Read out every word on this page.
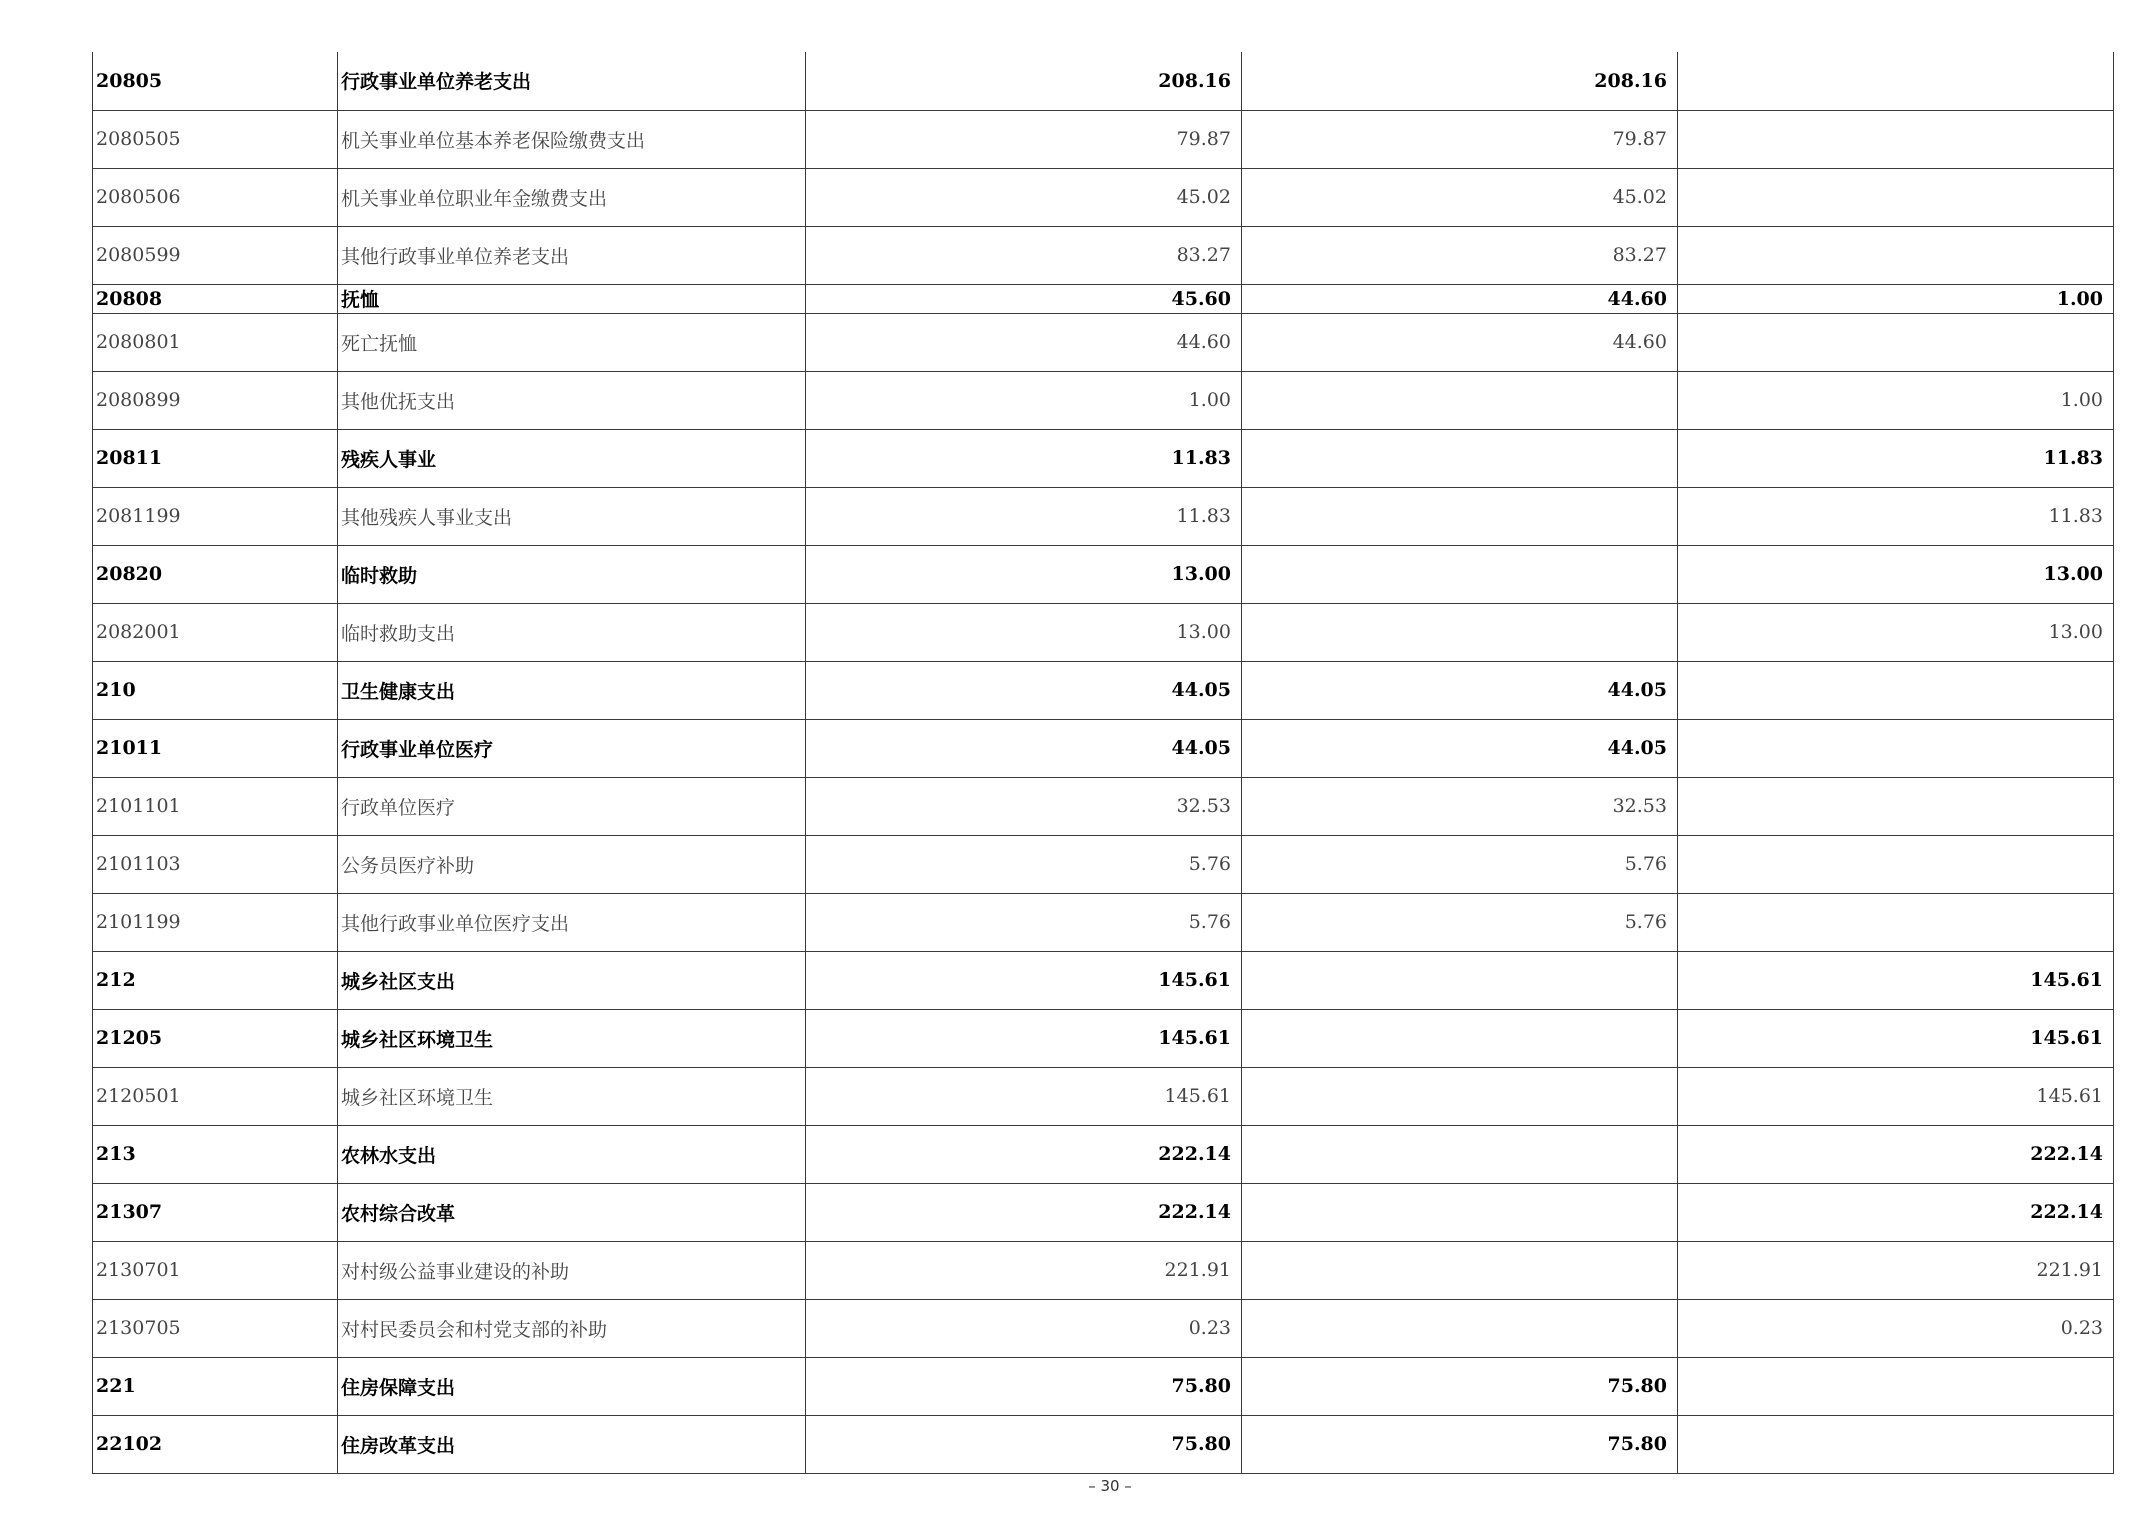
20805	行政事业单位养老支出	208.16	208.16	
2080505	机关事业单位基本养老保险缴费支出	79.87	79.87	
2080506	机关事业单位职业年金缴费支出	45.02	45.02	
2080599	其他行政事业单位养老支出	83.27	83.27	
20808	抚恤	45.60	44.60	1.00
2080801	死亡抚恤	44.60	44.60	
2080899	其他优抚支出	1.00		1.00
20811	残疾人事业	11.83		11.83
2081199	其他残疾人事业支出	11.83		11.83
20820	临时救助	13.00		13.00
2082001	临时救助支出	13.00		13.00
210	卫生健康支出	44.05	44.05	
21011	行政事业单位医疗	44.05	44.05	
2101101	行政单位医疗	32.53	32.53	
2101103	公务员医疗补助	5.76	5.76	
2101199	其他行政事业单位医疗支出	5.76	5.76	
212	城乡社区支出	145.61		145.61
21205	城乡社区环境卫生	145.61		145.61
2120501	城乡社区环境卫生	145.61		145.61
213	农林水支出	222.14		222.14
21307	农村综合改革	222.14		222.14
2130701	对村级公益事业建设的补助	221.91		221.91
2130705	对村民委员会和村党支部的补助	0.23		0.23
221	住房保障支出	75.80	75.80	
22102	住房改革支出	75.80	75.80	
– 30 –
